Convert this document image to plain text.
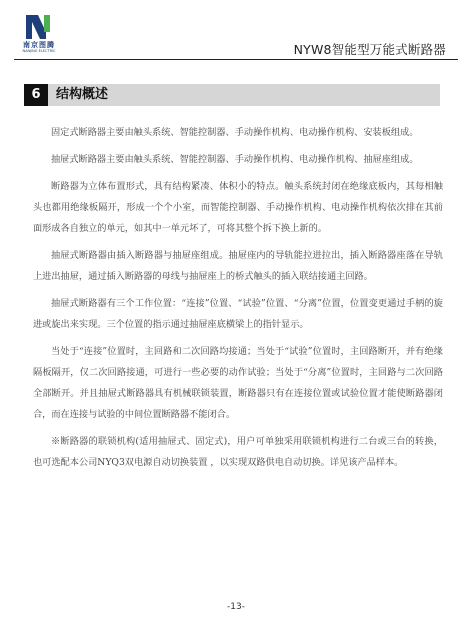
南京图腾
NANJING ELECTRIC	NYW8智能型万能式断路器
6	结构概述

固定式断路器主要由触头系统、智能控制器、手动操作机构、电动操作机构、安装板组成。

抽屉式断路器主要由触头系统、智能控制器、手动操作机构、电动操作机构、抽屉座组成。

断路器为立体布置形式，具有结构紧凑、体积小的特点。触头系统封闭在绝缘底板内，其每相触头也都用绝缘板隔开，形成一个个小室，而智能控制器、手动操作机构、电动操作机构依次排在其前面形成各自独立的单元，如其中一单元坏了，可将其整个拆下换上新的。

抽屉式断路器由插入断路器与抽屉座组成。抽屉座内的导轨能拉进拉出，插入断路器座落在导轨上进出抽屉，通过插入断路器的母线与抽屉座上的桥式触头的插入联结接通主回路。

抽屉式断路器有三个工作位置：“连接”位置、“试验”位置、“分离”位置，位置变更通过手柄的旋进或旋出来实现。三个位置的指示通过抽屉座底横梁上的指针显示。

当处于“连接”位置时，主回路和二次回路均接通；当处于“试验”位置时，主回路断开，并有绝缘隔板隔开，仅二次回路接通，可进行一些必要的动作试验；当处于“分离”位置时，主回路与二次回路全部断开。并且抽屉式断路器具有机械联锁装置，断路器只有在连接位置或试验位置才能使断路器闭合，而在连接与试验的中间位置断路器不能闭合。

※断路器的联锁机构(适用抽屉式、固定式)，用户可单独采用联锁机构进行二台或三台的转换，也可选配本公司NYQ3双电源自动切换装置 ，以实现双路供电自动切换。详见该产品样本。

-13-
